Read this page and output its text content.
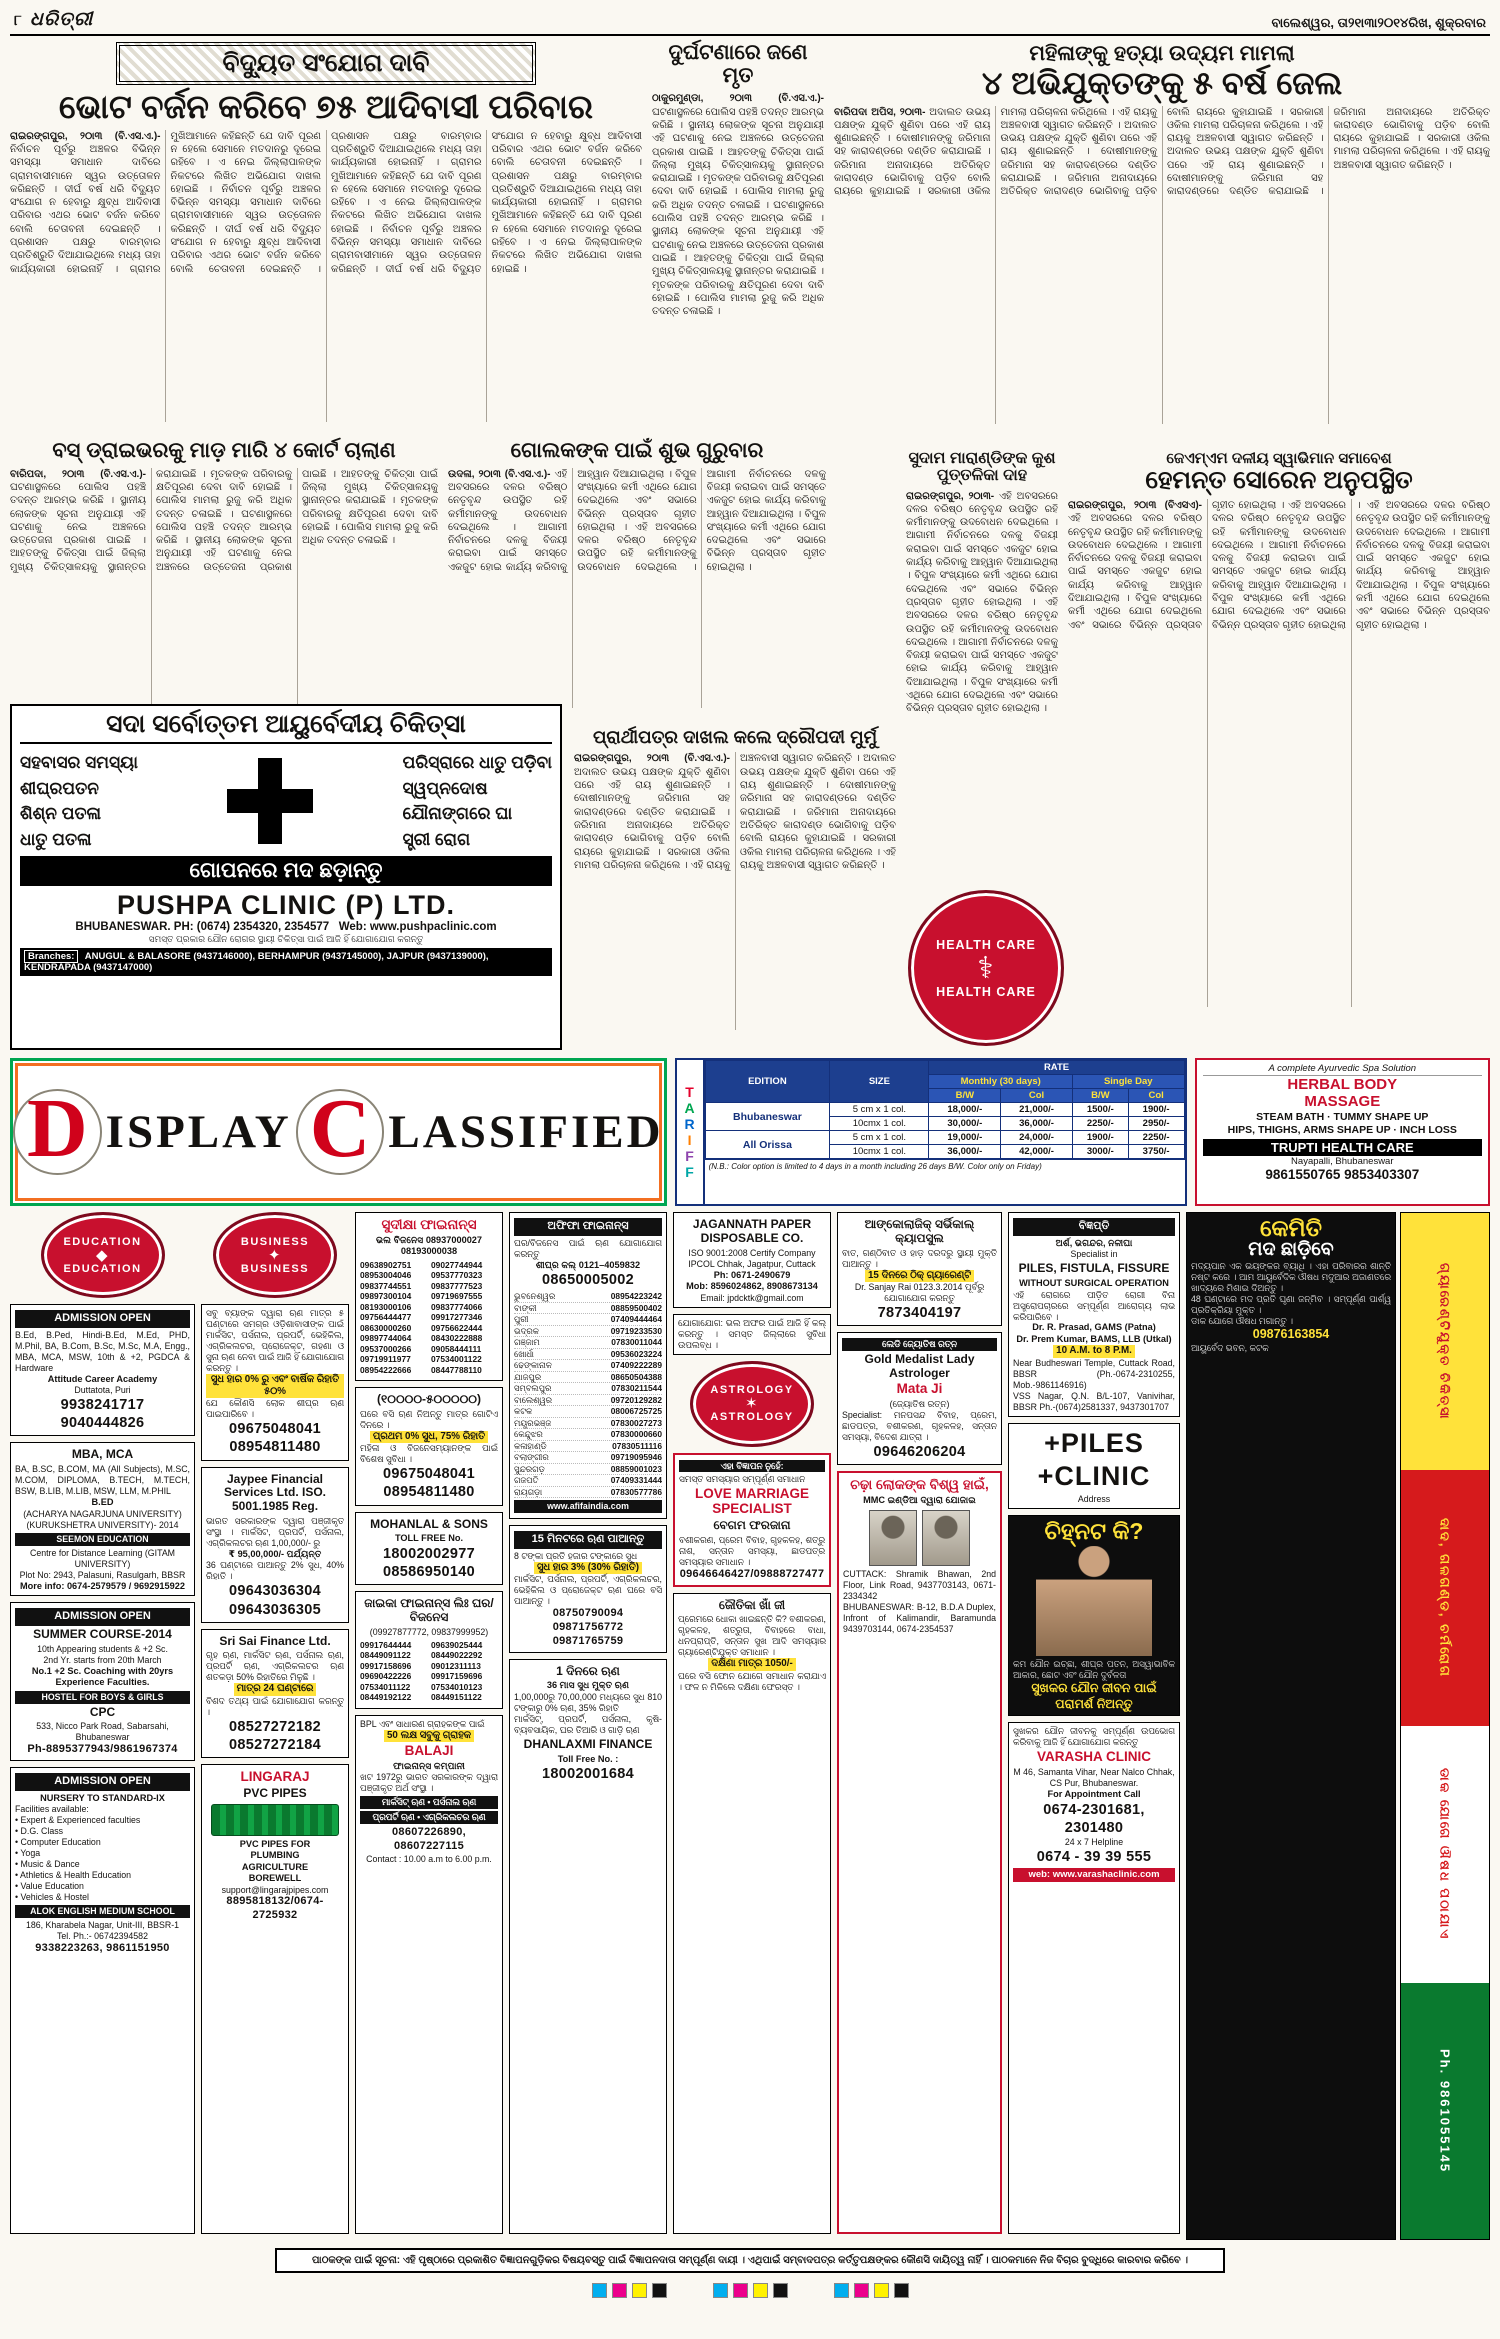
୮ ଧରିତ୍ରୀ	ବାଲେଶ୍ୱର, ତା୨୧ା୩ା୨୦୧୪ରିଖ, ଶୁକ୍ରବାର
ବିଦ୍ୟୁତ ସଂଯୋଗ ଦାବି
ଭୋଟ ବର୍ଜନ କରିବେ ୭୫ ଆଦିବାସୀ ପରିବାର
ରାଇରଙ୍ଗପୁର, ୨୦ା୩ (ବି.ଏସ.ଏ.)- ନିର୍ବାଚନ ପୂର୍ବରୁ ଅଞ୍ଚଳର ବିଭିନ୍ନ ସମସ୍ୟା ସମାଧାନ ଦାବିରେ ଗ୍ରାମବାସୀମାନେ ସ୍ୱର ଉତ୍ତୋଳନ କରିଛନ୍ତି । ଦୀର୍ଘ ବର୍ଷ ଧରି ବିଦ୍ୟୁତ ସଂଯୋଗ ନ ହେବାରୁ କ୍ଷୁବ୍ଧ ଆଦିବାସୀ ପରିବାର ଏଥର ଭୋଟ ବର୍ଜନ କରିବେ ବୋଲି ଚେତାବନୀ ଦେଇଛନ୍ତି । ପ୍ରଶାସନ ପକ୍ଷରୁ ବାରମ୍ବାର ପ୍ରତିଶ୍ରୁତି ଦିଆଯାଇଥିଲେ ମଧ୍ୟ ତାହା କାର୍ଯ୍ୟକାରୀ ହୋଇନାହିଁ । ଗ୍ରାମର ମୁଖିଆମାନେ କହିଛନ୍ତି ଯେ ଦାବି ପୂରଣ ନ ହେଲେ ସେମାନେ ମତଦାନରୁ ଦୂରେଇ ରହିବେ । ଏ ନେଇ ଜିଲ୍ଲାପାଳଙ୍କ ନିକଟରେ ଲିଖିତ ଅଭିଯୋଗ ଦାଖଲ ହୋଇଛି । ନିର୍ବାଚନ ପୂର୍ବରୁ ଅଞ୍ଚଳର ବିଭିନ୍ନ ସମସ୍ୟା ସମାଧାନ ଦାବିରେ ଗ୍ରାମବାସୀମାନେ ସ୍ୱର ଉତ୍ତୋଳନ କରିଛନ୍ତି । ଦୀର୍ଘ ବର୍ଷ ଧରି ବିଦ୍ୟୁତ ସଂଯୋଗ ନ ହେବାରୁ କ୍ଷୁବ୍ଧ ଆଦିବାସୀ ପରିବାର ଏଥର ଭୋଟ ବର୍ଜନ କରିବେ ବୋଲି ଚେତାବନୀ ଦେଇଛନ୍ତି । ପ୍ରଶାସନ ପକ୍ଷରୁ ବାରମ୍ବାର ପ୍ରତିଶ୍ରୁତି ଦିଆଯାଇଥିଲେ ମଧ୍ୟ ତାହା କାର୍ଯ୍ୟକାରୀ ହୋଇନାହିଁ । ଗ୍ରାମର ମୁଖିଆମାନେ କହିଛନ୍ତି ଯେ ଦାବି ପୂରଣ ନ ହେଲେ ସେମାନେ ମତଦାନରୁ ଦୂରେଇ ରହିବେ । ଏ ନେଇ ଜିଲ୍ଲାପାଳଙ୍କ ନିକଟରେ ଲିଖିତ ଅଭିଯୋଗ ଦାଖଲ ହୋଇଛି । ନିର୍ବାଚନ ପୂର୍ବରୁ ଅଞ୍ଚଳର ବିଭିନ୍ନ ସମସ୍ୟା ସମାଧାନ ଦାବିରେ ଗ୍ରାମବାସୀମାନେ ସ୍ୱର ଉତ୍ତୋଳନ କରିଛନ୍ତି । ଦୀର୍ଘ ବର୍ଷ ଧରି ବିଦ୍ୟୁତ ସଂଯୋଗ ନ ହେବାରୁ କ୍ଷୁବ୍ଧ ଆଦିବାସୀ ପରିବାର ଏଥର ଭୋଟ ବର୍ଜନ କରିବେ ବୋଲି ଚେତାବନୀ ଦେଇଛନ୍ତି । ପ୍ରଶାସନ ପକ୍ଷରୁ ବାରମ୍ବାର ପ୍ରତିଶ୍ରୁତି ଦିଆଯାଇଥିଲେ ମଧ୍ୟ ତାହା କାର୍ଯ୍ୟକାରୀ ହୋଇନାହିଁ । ଗ୍ରାମର ମୁଖିଆମାନେ କହିଛନ୍ତି ଯେ ଦାବି ପୂରଣ ନ ହେଲେ ସେମାନେ ମତଦାନରୁ ଦୂରେଇ ରହିବେ । ଏ ନେଇ ଜିଲ୍ଲାପାଳଙ୍କ ନିକଟରେ ଲିଖିତ ଅଭିଯୋଗ ଦାଖଲ ହୋଇଛି ।
ଦୁର୍ଘଟଣାରେ ଜଣେ ମୃତ
ଠାକୁରମୁଣ୍ଡା, ୨୦ା୩ (ବି.ଏସ.ଏ.)- ଘଟଣାସ୍ଥଳରେ ପୋଲିସ ପହଞ୍ଚି ତଦନ୍ତ ଆରମ୍ଭ କରିଛି । ସ୍ଥାନୀୟ ଲୋକଙ୍କ ସୂଚନା ଅନୁଯାୟୀ ଏହି ଘଟଣାକୁ ନେଇ ଅଞ୍ଚଳରେ ଉତ୍ତେଜନା ପ୍ରକାଶ ପାଇଛି । ଆହତଙ୍କୁ ଚିକିତ୍ସା ପାଇଁ ଜିଲ୍ଲା ମୁଖ୍ୟ ଚିକିତ୍ସାଳୟକୁ ସ୍ଥାନାନ୍ତର କରାଯାଇଛି । ମୃତକଙ୍କ ପରିବାରକୁ କ୍ଷତିପୂରଣ ଦେବା ଦାବି ହୋଇଛି । ପୋଲିସ ମାମଲା ରୁଜୁ କରି ଅଧିକ ତଦନ୍ତ ଚଳାଇଛି । ଘଟଣାସ୍ଥଳରେ ପୋଲିସ ପହଞ୍ଚି ତଦନ୍ତ ଆରମ୍ଭ କରିଛି । ସ୍ଥାନୀୟ ଲୋକଙ୍କ ସୂଚନା ଅନୁଯାୟୀ ଏହି ଘଟଣାକୁ ନେଇ ଅଞ୍ଚଳରେ ଉତ୍ତେଜନା ପ୍ରକାଶ ପାଇଛି । ଆହତଙ୍କୁ ଚିକିତ୍ସା ପାଇଁ ଜିଲ୍ଲା ମୁଖ୍ୟ ଚିକିତ୍ସାଳୟକୁ ସ୍ଥାନାନ୍ତର କରାଯାଇଛି । ମୃତକଙ୍କ ପରିବାରକୁ କ୍ଷତିପୂରଣ ଦେବା ଦାବି ହୋଇଛି । ପୋଲିସ ମାମଲା ରୁଜୁ କରି ଅଧିକ ତଦନ୍ତ ଚଳାଇଛି ।
ମହିଳାଙ୍କୁ ହତ୍ୟା ଉଦ୍ୟମ ମାମଲା
୪ ଅଭିଯୁକ୍ତଙ୍କୁ ୫ ବର୍ଷ ଜେଲ
ବାରିପଦା ଅପିସ, ୨୦ା୩- ଅଦାଲତ ଉଭୟ ପକ୍ଷଙ୍କ ଯୁକ୍ତି ଶୁଣିବା ପରେ ଏହି ରାୟ ଶୁଣାଇଛନ୍ତି । ଦୋଷୀମାନଙ୍କୁ ଜରିମାନା ସହ କାରାଦଣ୍ଡରେ ଦଣ୍ଡିତ କରାଯାଇଛି । ଜରିମାନା ଅନାଦାୟରେ ଅତିରିକ୍ତ କାରାଦଣ୍ଡ ଭୋଗିବାକୁ ପଡ଼ିବ ବୋଲି ରାୟରେ କୁହାଯାଇଛି । ସରକାରୀ ଓକିଲ ମାମଲା ପରିଚାଳନା କରିଥିଲେ । ଏହି ରାୟକୁ ଅଞ୍ଚଳବାସୀ ସ୍ୱାଗତ କରିଛନ୍ତି । ଅଦାଲତ ଉଭୟ ପକ୍ଷଙ୍କ ଯୁକ୍ତି ଶୁଣିବା ପରେ ଏହି ରାୟ ଶୁଣାଇଛନ୍ତି । ଦୋଷୀମାନଙ୍କୁ ଜରିମାନା ସହ କାରାଦଣ୍ଡରେ ଦଣ୍ଡିତ କରାଯାଇଛି । ଜରିମାନା ଅନାଦାୟରେ ଅତିରିକ୍ତ କାରାଦଣ୍ଡ ଭୋଗିବାକୁ ପଡ଼ିବ ବୋଲି ରାୟରେ କୁହାଯାଇଛି । ସରକାରୀ ଓକିଲ ମାମଲା ପରିଚାଳନା କରିଥିଲେ । ଏହି ରାୟକୁ ଅଞ୍ଚଳବାସୀ ସ୍ୱାଗତ କରିଛନ୍ତି । ଅଦାଲତ ଉଭୟ ପକ୍ଷଙ୍କ ଯୁକ୍ତି ଶୁଣିବା ପରେ ଏହି ରାୟ ଶୁଣାଇଛନ୍ତି । ଦୋଷୀମାନଙ୍କୁ ଜରିମାନା ସହ କାରାଦଣ୍ଡରେ ଦଣ୍ଡିତ କରାଯାଇଛି । ଜରିମାନା ଅନାଦାୟରେ ଅତିରିକ୍ତ କାରାଦଣ୍ଡ ଭୋଗିବାକୁ ପଡ଼ିବ ବୋଲି ରାୟରେ କୁହାଯାଇଛି । ସରକାରୀ ଓକିଲ ମାମଲା ପରିଚାଳନା କରିଥିଲେ । ଏହି ରାୟକୁ ଅଞ୍ଚଳବାସୀ ସ୍ୱାଗତ କରିଛନ୍ତି ।
ବସ୍ ଡ୍ରାଇଭରକୁ ମାଡ଼ ମାରି ୪ କୋର୍ଟ ଚାଲାଣ
ବାରିପଦା, ୨୦ା୩ (ବି.ଏସ.ଏ.)- ଘଟଣାସ୍ଥଳରେ ପୋଲିସ ପହଞ୍ଚି ତଦନ୍ତ ଆରମ୍ଭ କରିଛି । ସ୍ଥାନୀୟ ଲୋକଙ୍କ ସୂଚନା ଅନୁଯାୟୀ ଏହି ଘଟଣାକୁ ନେଇ ଅଞ୍ଚଳରେ ଉତ୍ତେଜନା ପ୍ରକାଶ ପାଇଛି । ଆହତଙ୍କୁ ଚିକିତ୍ସା ପାଇଁ ଜିଲ୍ଲା ମୁଖ୍ୟ ଚିକିତ୍ସାଳୟକୁ ସ୍ଥାନାନ୍ତର କରାଯାଇଛି । ମୃତକଙ୍କ ପରିବାରକୁ କ୍ଷତିପୂରଣ ଦେବା ଦାବି ହୋଇଛି । ପୋଲିସ ମାମଲା ରୁଜୁ କରି ଅଧିକ ତଦନ୍ତ ଚଳାଇଛି । ଘଟଣାସ୍ଥଳରେ ପୋଲିସ ପହଞ୍ଚି ତଦନ୍ତ ଆରମ୍ଭ କରିଛି । ସ୍ଥାନୀୟ ଲୋକଙ୍କ ସୂଚନା ଅନୁଯାୟୀ ଏହି ଘଟଣାକୁ ନେଇ ଅଞ୍ଚଳରେ ଉତ୍ତେଜନା ପ୍ରକାଶ ପାଇଛି । ଆହତଙ୍କୁ ଚିକିତ୍ସା ପାଇଁ ଜିଲ୍ଲା ମୁଖ୍ୟ ଚିକିତ୍ସାଳୟକୁ ସ୍ଥାନାନ୍ତର କରାଯାଇଛି । ମୃତକଙ୍କ ପରିବାରକୁ କ୍ଷତିପୂରଣ ଦେବା ଦାବି ହୋଇଛି । ପୋଲିସ ମାମଲା ରୁଜୁ କରି ଅଧିକ ତଦନ୍ତ ଚଳାଇଛି ।
ଗୋଲକଙ୍କ ପାଇଁ ଶୁଭ ଗୁରୁବାର
ଉଦଳା, ୨୦ା୩ (ବି.ଏସ.ଏ.)- ଏହି ଅବସରରେ ଦଳର ବରିଷ୍ଠ ନେତୃବୃନ୍ଦ ଉପସ୍ଥିତ ରହି କର୍ମୀମାନଙ୍କୁ ଉଦବୋଧନ ଦେଇଥିଲେ । ଆଗାମୀ ନିର୍ବାଚନରେ ଦଳକୁ ବିଜୟୀ କରାଇବା ପାଇଁ ସମସ୍ତେ ଏକଜୁଟ ହୋଇ କାର୍ଯ୍ୟ କରିବାକୁ ଆହ୍ୱାନ ଦିଆଯାଇଥିଲା । ବିପୁଳ ସଂଖ୍ୟାରେ କର୍ମୀ ଏଥିରେ ଯୋଗ ଦେଇଥିଲେ ଏବଂ ସଭାରେ ବିଭିନ୍ନ ପ୍ରସ୍ତାବ ଗୃହୀତ ହୋଇଥିଲା । ଏହି ଅବସରରେ ଦଳର ବରିଷ୍ଠ ନେତୃବୃନ୍ଦ ଉପସ୍ଥିତ ରହି କର୍ମୀମାନଙ୍କୁ ଉଦବୋଧନ ଦେଇଥିଲେ । ଆଗାମୀ ନିର୍ବାଚନରେ ଦଳକୁ ବିଜୟୀ କରାଇବା ପାଇଁ ସମସ୍ତେ ଏକଜୁଟ ହୋଇ କାର୍ଯ୍ୟ କରିବାକୁ ଆହ୍ୱାନ ଦିଆଯାଇଥିଲା । ବିପୁଳ ସଂଖ୍ୟାରେ କର୍ମୀ ଏଥିରେ ଯୋଗ ଦେଇଥିଲେ ଏବଂ ସଭାରେ ବିଭିନ୍ନ ପ୍ରସ୍ତାବ ଗୃହୀତ ହୋଇଥିଲା ।
ସୁଦାମ ମାରାଣ୍ଡିଙ୍କ କୁଶ ପୁତ୍ତଳିକା ଦାହ
ରାଇରଙ୍ଗପୁର, ୨୦ା୩- ଏହି ଅବସରରେ ଦଳର ବରିଷ୍ଠ ନେତୃବୃନ୍ଦ ଉପସ୍ଥିତ ରହି କର୍ମୀମାନଙ୍କୁ ଉଦବୋଧନ ଦେଇଥିଲେ । ଆଗାମୀ ନିର୍ବାଚନରେ ଦଳକୁ ବିଜୟୀ କରାଇବା ପାଇଁ ସମସ୍ତେ ଏକଜୁଟ ହୋଇ କାର୍ଯ୍ୟ କରିବାକୁ ଆହ୍ୱାନ ଦିଆଯାଇଥିଲା । ବିପୁଳ ସଂଖ୍ୟାରେ କର୍ମୀ ଏଥିରେ ଯୋଗ ଦେଇଥିଲେ ଏବଂ ସଭାରେ ବିଭିନ୍ନ ପ୍ରସ୍ତାବ ଗୃହୀତ ହୋଇଥିଲା । ଏହି ଅବସରରେ ଦଳର ବରିଷ୍ଠ ନେତୃବୃନ୍ଦ ଉପସ୍ଥିତ ରହି କର୍ମୀମାନଙ୍କୁ ଉଦବୋଧନ ଦେଇଥିଲେ । ଆଗାମୀ ନିର୍ବାଚନରେ ଦଳକୁ ବିଜୟୀ କରାଇବା ପାଇଁ ସମସ୍ତେ ଏକଜୁଟ ହୋଇ କାର୍ଯ୍ୟ କରିବାକୁ ଆହ୍ୱାନ ଦିଆଯାଇଥିଲା । ବିପୁଳ ସଂଖ୍ୟାରେ କର୍ମୀ ଏଥିରେ ଯୋଗ ଦେଇଥିଲେ ଏବଂ ସଭାରେ ବିଭିନ୍ନ ପ୍ରସ୍ତାବ ଗୃହୀତ ହୋଇଥିଲା ।
ଜେଏମ୍ଏମ ଦଳୀୟ ସ୍ୱାଭିମାନ ସମାବେଶ
ହେମନ୍ତ ସୋରେନ ଅନୁପସ୍ଥିତ
ରାଇରଙ୍ଗପୁର, ୨୦ା୩ (ବିଏସଏ)- ଏହି ଅବସରରେ ଦଳର ବରିଷ୍ଠ ନେତୃବୃନ୍ଦ ଉପସ୍ଥିତ ରହି କର୍ମୀମାନଙ୍କୁ ଉଦବୋଧନ ଦେଇଥିଲେ । ଆଗାମୀ ନିର୍ବାଚନରେ ଦଳକୁ ବିଜୟୀ କରାଇବା ପାଇଁ ସମସ୍ତେ ଏକଜୁଟ ହୋଇ କାର୍ଯ୍ୟ କରିବାକୁ ଆହ୍ୱାନ ଦିଆଯାଇଥିଲା । ବିପୁଳ ସଂଖ୍ୟାରେ କର୍ମୀ ଏଥିରେ ଯୋଗ ଦେଇଥିଲେ ଏବଂ ସଭାରେ ବିଭିନ୍ନ ପ୍ରସ୍ତାବ ଗୃହୀତ ହୋଇଥିଲା । ଏହି ଅବସରରେ ଦଳର ବରିଷ୍ଠ ନେତୃବୃନ୍ଦ ଉପସ୍ଥିତ ରହି କର୍ମୀମାନଙ୍କୁ ଉଦବୋଧନ ଦେଇଥିଲେ । ଆଗାମୀ ନିର୍ବାଚନରେ ଦଳକୁ ବିଜୟୀ କରାଇବା ପାଇଁ ସମସ୍ତେ ଏକଜୁଟ ହୋଇ କାର୍ଯ୍ୟ କରିବାକୁ ଆହ୍ୱାନ ଦିଆଯାଇଥିଲା । ବିପୁଳ ସଂଖ୍ୟାରେ କର୍ମୀ ଏଥିରେ ଯୋଗ ଦେଇଥିଲେ ଏବଂ ସଭାରେ ବିଭିନ୍ନ ପ୍ରସ୍ତାବ ଗୃହୀତ ହୋଇଥିଲା । ଏହି ଅବସରରେ ଦଳର ବରିଷ୍ଠ ନେତୃବୃନ୍ଦ ଉପସ୍ଥିତ ରହି କର୍ମୀମାନଙ୍କୁ ଉଦବୋଧନ ଦେଇଥିଲେ । ଆଗାମୀ ନିର୍ବାଚନରେ ଦଳକୁ ବିଜୟୀ କରାଇବା ପାଇଁ ସମସ୍ତେ ଏକଜୁଟ ହୋଇ କାର୍ଯ୍ୟ କରିବାକୁ ଆହ୍ୱାନ ଦିଆଯାଇଥିଲା । ବିପୁଳ ସଂଖ୍ୟାରେ କର୍ମୀ ଏଥିରେ ଯୋଗ ଦେଇଥିଲେ ଏବଂ ସଭାରେ ବିଭିନ୍ନ ପ୍ରସ୍ତାବ ଗୃହୀତ ହୋଇଥିଲା ।
ପ୍ରାର୍ଥୀପତ୍ର ଦାଖଲ କଲେ ଦ୍ରୌପଦୀ ମୁର୍ମୁ
ରାଇରଙ୍ଗପୁର, ୨୦ା୩ (ବି.ଏସ.ଏ.)- ଅଦାଲତ ଉଭୟ ପକ୍ଷଙ୍କ ଯୁକ୍ତି ଶୁଣିବା ପରେ ଏହି ରାୟ ଶୁଣାଇଛନ୍ତି । ଦୋଷୀମାନଙ୍କୁ ଜରିମାନା ସହ କାରାଦଣ୍ଡରେ ଦଣ୍ଡିତ କରାଯାଇଛି । ଜରିମାନା ଅନାଦାୟରେ ଅତିରିକ୍ତ କାରାଦଣ୍ଡ ଭୋଗିବାକୁ ପଡ଼ିବ ବୋଲି ରାୟରେ କୁହାଯାଇଛି । ସରକାରୀ ଓକିଲ ମାମଲା ପରିଚାଳନା କରିଥିଲେ । ଏହି ରାୟକୁ ଅଞ୍ଚଳବାସୀ ସ୍ୱାଗତ କରିଛନ୍ତି । ଅଦାଲତ ଉଭୟ ପକ୍ଷଙ୍କ ଯୁକ୍ତି ଶୁଣିବା ପରେ ଏହି ରାୟ ଶୁଣାଇଛନ୍ତି । ଦୋଷୀମାନଙ୍କୁ ଜରିମାନା ସହ କାରାଦଣ୍ଡରେ ଦଣ୍ଡିତ କରାଯାଇଛି । ଜରିମାନା ଅନାଦାୟରେ ଅତିରିକ୍ତ କାରାଦଣ୍ଡ ଭୋଗିବାକୁ ପଡ଼ିବ ବୋଲି ରାୟରେ କୁହାଯାଇଛି । ସରକାରୀ ଓକିଲ ମାମଲା ପରିଚାଳନା କରିଥିଲେ । ଏହି ରାୟକୁ ଅଞ୍ଚଳବାସୀ ସ୍ୱାଗତ କରିଛନ୍ତି ।
ସଦା ସର୍ବୋତ୍ତମ ଆୟୁର୍ବେଦୀୟ ଚିକିତ୍ସା
ସହବାସର ସମସ୍ୟା
ଶୀଘ୍ରପତନ
ଶିଶ୍ନ ପତଳା
ଧାତୁ ପତଳା
ପରିସ୍ରାରେ ଧାତୁ ପଡ଼ିବା
ସ୍ୱପ୍ନଦୋଷ
ଯୌନାଙ୍ଗରେ ଘା
ସ୍ତ୍ରୀ ରୋଗ
ଗୋପନରେ ମଦ ଛଡ଼ାନ୍ତୁ
PUSHPA CLINIC (P) LTD.
BHUBANESWAR. PH: (0674) 2354320, 2354577 Web: www.pushpaclinic.com
ସମସ୍ତ ପ୍ରକାର ଯୌନ ରୋଗର ସ୍ଥାୟୀ ଚିକିତ୍ସା ପାଇଁ ଆଜି ହିଁ ଯୋଗାଯୋଗ କରନ୍ତୁ
Branches: ANUGUL & BALASORE (9437146000), BERHAMPUR (9437145000), JAJPUR (9437139000), KENDRAPADA (9437147000)
HEALTH CARE
⚕
HEALTH CARE
D ISPLAY C LASSIFIED
T
A
R
I
F
F
EDITION	SIZE	RATE			
		Monthly (30 days)		Single Day	
		B/W	Col	B/W	Col
Bhubaneswar	5 cm x 1 col.	18,000/-	21,000/-	1500/-	1900/-
	10cmx 1 col.	30,000/-	36,000/-	2250/-	2950/-
All Orissa	5 cm x 1 col.	19,000/-	24,000/-	1900/-	2250/-
	10cmx 1 col.	36,000/-	42,000/-	3000/-	3750/-
(N.B.: Color option is limited to 4 days in a month including 26 days B/W. Color only on Friday)
A complete Ayurvedic Spa Solution
HERBAL BODY
MASSAGE
STEAM BATH · TUMMY SHAPE UP
HIPS, THIGHS, ARMS SHAPE UP · INCH LOSS
TRUPTI HEALTH CARE
Nayapalli, Bhubaneswar
9861550765 9853403307
EDUCATION
◆
EDUCATION
ADMISSION OPEN
B.Ed, B.Ped, Hindi-B.Ed, M.Ed, PHD, M.Phil, BA, B.Com, B.Sc, M.Sc, M.A, Engg., MBA, MCA, MSW, 10th & +2, PGDCA & Hardware
Attitude Career Academy
Duttatota, Puri
9938241717
9040444826
MBA, MCA
BA, B.SC, B.COM, MA (All Subjects), M.SC, M.COM, DIPLOMA, B.TECH, M.TECH, BSW, B.LIB, M.LIB, MSW, LLM, M.PHIL
B.ED
(ACHARYA NAGARJUNA UNIVERSITY) (KURUKSHETRA UNIVERSITY)- 2014
SEEMON EDUCATION
Centre for Distance Learning (GITAM UNIVERSITY)
Plot No: 2943, Palasuni, Rasulgarh, BBSR
More info: 0674-2579579 / 9692915922
ADMISSION OPEN
SUMMER COURSE-2014
10th Appearing students & +2 Sc.
2nd Yr. starts from 20th March
No.1 +2 Sc. Coaching with 20yrs Experience Faculties.
HOSTEL FOR BOYS & GIRLS
CPC
533, Nicco Park Road, Sabarsahi, Bhubaneswar
Ph-8895377943/9861967374
ADMISSION OPEN
NURSERY TO STANDARD-IX
Facilities available:
• Expert & Experienced faculties
• D.G. Class
• Computer Education
• Yoga
• Music & Dance
• Athletics & Health Education
• Value Education
• Vehicles & Hostel
ALOK ENGLISH MEDIUM SCHOOL
186, Kharabela Nagar, Unit-III, BBSR-1
Tel. Ph.:- 06742394582
9338223263, 9861151950
BUSINESS
✦
BUSINESS
ସବୁ ବ୍ୟାଙ୍କ ଦ୍ୱାରା ଋଣ ମାତ୍ର ୫ ଘଣ୍ଟାରେ ସମଗ୍ର ଓଡ଼ିଶାବାସୀଙ୍କ ପାଇଁ ମାର୍କସିଟ, ପର୍ସନାଲ, ପ୍ରପର୍ଟି, ଭେହିକିଲ, ଏଗ୍ରିକଲଚର, ପ୍ରୋଜେକ୍ଟ, ଗହଣା ଓ ସୁନା ଋଣ ନେବା ପାଇଁ ଆଜି ହିଁ ଯୋଗାଯୋଗ କରନ୍ତୁ ।
ସୁଧ ହାର 0% ରୁ ଏବଂ ବାର୍ଷିକ ରିହାତି ୫୦%
ଯେ କୌଣସି ଲୋକ ଶୀଘ୍ର ଋଣ ପାଇପାରିବେ ।
09675048041
08954811480
Jaypee Financial Services Ltd. ISO. 5001.1985 Reg.
ଭାରତ ସରକାରଙ୍କ ଦ୍ୱାରା ପଞ୍ଜୀକୃତ ସଂସ୍ଥା । ମାର୍କସିଟ, ପ୍ରପର୍ଟି, ପର୍ସନାଲ, ଏଗ୍ରିକଲଚର ଋଣ 1,00,000/- ରୁ
₹ 95,00,000/- ପର୍ଯ୍ୟନ୍ତ
36 ଘଣ୍ଟାରେ ପାଆନ୍ତୁ 2% ସୁଧ, 40% ରିହାତି ।
09643036304
09643036305
Sri Sai Finance Ltd.
ଗୃହ ଋଣ, ମାର୍କସିଟ ଋଣ, ପର୍ସନାଲ ଋଣ, ପ୍ରପର୍ଟି ଋଣ, ଏଗ୍ରିକଲଚର ଋଣ ଶତକଡ଼ା 50% ରିହାତିରେ ମିଳୁଛି ।
ମାତ୍ର 24 ଘଣ୍ଟାରେ
ବିଶଦ ତଥ୍ୟ ପାଇଁ ଯୋଗାଯୋଗ କରନ୍ତୁ ।
08527272182
08527272184
LINGARAJ
PVC PIPES
PVC PIPES FOR
PLUMBING
AGRICULTURE
BOREWELL
support@lingarajpipes.com
8895818132/0674-2725932
ସୁଦୀକ୍ଷା ଫାଇନାନ୍ସ
ଭଲ ବିଜନେସ 08937000027
08193000038
09638902751
08953004046
09837744551
09897300104
08193000106
09756444477
08630000260
09897744064
09537000266
09719911977
08954222666
09027744944
09537770323
09837777523
09719697555
09837774066
09917277346
09756622444
08430222888
09058444111
07534001122
08447788110
(୧୦୦୦୦-୫୦୦୦୦୦)
ଘରେ ବସି ଋଣ ନିଅନ୍ତୁ ମାତ୍ର ଗୋଟିଏ ଦିନରେ ।
ପ୍ରଥମ 0% ସୁଧ, 75% ରିହାତି
ମହିଳା ଓ ବିଜନେସମ୍ୟାନଙ୍କ ପାଇଁ ବିଶେଷ ସୁବିଧା ।
09675048041
08954811480
MOHANLAL & SONS
TOLL FREE No.
18002002977
08586950140
ଜାଇକା ଫାଇନାନ୍ସ ଲିଃ ଘର/ବିଜନେସ
(09927877772, 09837999952)
09917644444
08449091122
09917158696
09690422226
07534011122
08449192122
09639025444
08449022292
09012311113
09917159696
07534010123
08449151122
BPL ଏବଂ ସାଧାରଣ ଗ୍ରାହକଙ୍କ ପାଇଁ
50 ଲକ୍ଷ ସବୁକୁ ଗ୍ରାହକ
BALAJI
ଫାଇନାନ୍ସ କମ୍ପାନୀ
ଖଟ 1972ରୁ ଭାରତ ସରକାରଙ୍କ ଦ୍ୱାରା ପଞ୍ଜୀକୃତ ଅର୍ଥ ସଂସ୍ଥା ।
ମାର୍କସିଟ୍ ଋଣ • ପର୍ସନାଲ ଋଣ
ପ୍ରପର୍ଟି ଋଣ • ଏଗ୍ରିକଲଚର ଋଣ
08607226890, 08607227115
Contact : 10.00 a.m to 6.00 p.m.
ଅଫିଫା ଫାଇନାନ୍ସ
ଘର/ବିଜନେସ ପାଇଁ ଋଣ ଯୋଗାଯୋଗ କରନ୍ତୁ
ଶୀଘ୍ର କଲ୍ 0121–4059832
08650005002
ଭୁବନେଶ୍ୱର	08954223242
ବାଙ୍କୀ	08859500402
ପୁରୀ	07409444464
ଭଦ୍ରକ	09719233530
ଗଞ୍ଜାମ	07830011044
ଖୋର୍ଧା	09536023224
ଢେଙ୍କାନାଳ	07409222289
ଯାଜପୁର	08650504388
ସମ୍ବଲପୁର	07830211544
ବାଲେଶ୍ୱର	09720129282
କଟକ	08006725725
ମୟୂରଭଞ୍ଜ	07830027273
କେନ୍ଦୁଝର	07830000660
କଳାହାଣ୍ଡି	07830511116
ବଲାଙ୍ଗୀର	09719095946
ସୁନ୍ଦରଗଡ଼	08859001023
ଗଜପତି	07409331444
ରାୟଗଡ଼ା	07830577786
www.afifaindia.com
15 ମିନଟରେ ଋଣ ପାଆନ୍ତୁ
8 ଟଙ୍କା ପ୍ରତି ହଜାର ଟଙ୍କାରେ ସୁଧ
ସୁଧ ହାର 3% (30% ରିହାତି)
ମାର୍କସିଟ, ପର୍ସନାଲ, ପ୍ରପର୍ଟି, ଏଗ୍ରିକଲଚର, ଭେହିକିଲ ଓ ପ୍ରୋଜେକ୍ଟ ଋଣ ଘରେ ବସି ପାଆନ୍ତୁ ।
08750790094
09871756772
09871765759
1 ଦିନରେ ଋଣ
36 ମାସ ସୁଧ ମୁକ୍ତ ଋଣ
1,00,000ରୁ 70,00,000 ମଧ୍ୟରେ ସୁଧ 810 ଟଙ୍କାରୁ 0% ଋଣ, 35% ରିହାତି
ମାର୍କସିଟ୍, ପ୍ରପର୍ଟି, ପର୍ସନାଲ, କୃଷି-ବ୍ୟବସାୟିକ, ଘର ତିଆରି ଓ ଗାଡ଼ି ଋଣ
DHANLAXMI FINANCE
Toll Free No. :
18002001684
JAGANNATH PAPER DISPOSABLE CO.
ISO 9001:2008 Certify Company
IPCOL Chhak, Jagatpur, Cuttack
Ph: 0671-2490679
Mob: 8596024862, 8908673134
Email: jpdcktk@gmail.com
ଯୋଗାଯୋଗ: ଭଲ ଅଫର ପାଇଁ ଆଜି ହିଁ କଲ୍ କରନ୍ତୁ । ସମସ୍ତ ଜିଲ୍ଲାରେ ସୁବିଧା ଉପଲବ୍ଧ ।
ASTROLOGY
✶
ASTROLOGY
ଏହା ବିଜ୍ଞାପନ ନୁହେଁ:
ସମସ୍ତ ସମସ୍ୟାର ସମ୍ପୂର୍ଣ୍ଣ ସମାଧାନ
LOVE MARRIAGE SPECIALIST
ବେଗମ ଫରଜାନା
ବଶୀକରଣ, ପ୍ରେମ ବିବାହ, ଗୃହକଳହ, ଶତ୍ରୁ ନାଶ, ସନ୍ତାନ ସମସ୍ୟା, ଛାଡପତ୍ର ସମସ୍ୟାର ସମାଧାନ ।
09646646427/09888727477
ଜୌତିକା ଖାଁ ଜୀ
ପ୍ରେମରେ ଧୋକା ଖାଇଛନ୍ତି କି? ବଶୀକରଣ, ଗୃହକଳହ, ଶତ୍ରୁତା, ବିବାହରେ ବାଧା, ଧନପ୍ରାପ୍ତି, ସନ୍ତାନ ସୁଖ ଆଦି ସମସ୍ୟାର ଗ୍ୟାରେଣ୍ଟିଯୁକ୍ତ ସମାଧାନ ।
ଦକ୍ଷିଣା ମାତ୍ର 1050/-
ଘରେ ବସି ଫୋନ ଯୋଗେ ସମାଧାନ କରାଯାଏ । ଫଳ ନ ମିଳିଲେ ଦକ୍ଷିଣା ଫେରସ୍ତ ।
ଆଙ୍କୋଲାଜିକ୍ ସର୍ଭିକାଲ୍ କ୍ୟାପସୁଲ
ବାତ, ଗଣ୍ଠିବାତ ଓ ହାଡ଼ ଦରଦରୁ ସ୍ଥାୟୀ ମୁକ୍ତି ପାଆନ୍ତୁ ।
15 ଦିନରେ ଠିକ୍ ଗ୍ୟାରେଣ୍ଟି
Dr. Sanjay Rai 0123.3.2014 ପୂର୍ବରୁ ଯୋଗାଯୋଗ କରନ୍ତୁ
7873404197
ଲେଡି ଜ୍ୟୋତିଷ ରତ୍ନ
Gold Medalist Lady Astrologer
Mata Ji
(ଜ୍ୟୋତିଷ ରତ୍ନ)
Specialist: ମନପସନ୍ଦ ବିବାହ, ପ୍ରେମ, ଛାଡପତ୍ର, ବଶୀକରଣ, ଗୃହକଳହ, ସନ୍ତାନ ସମସ୍ୟା, ବିଦେଶ ଯାତ୍ରା ।
09646206204
ଚଢ଼ା ଲୋକଙ୍କ ବିଶ୍ୱ ହାଇଁ,
MMC ଇଣ୍ଡିଆ ଦ୍ୱାରା ଯୋଜାଇ
CUTTACK: Shramik Bhawan, 2nd Floor, Link Road, 9437703143, 0671-2334342
BHUBANESWAR: B-12, B.D.A Duplex, Infront of Kalimandir, Baramunda 9439703144, 0674-2354537
ବିଜ୍ଞପ୍ତି
ଅର୍ଶ, ଭଗନ୍ଦର, ନଳୀଘା
Specialist in
PILES, FISTULA, FISSURE
WITHOUT SURGICAL OPERATION
ଏହି ରୋଗରେ ପୀଡ଼ିତ ରୋଗୀ ବିନା ଅସ୍ତ୍ରୋପଚାରରେ ସମ୍ପୂର୍ଣ୍ଣ ଆରୋଗ୍ୟ ଲାଭ କରିପାରିବେ ।
Dr. R. Prasad, GAMS (Patna)
Dr. Prem Kumar, BAMS, LLB (Utkal)
10 A.M. to 8 P.M.
Near Budheswari Temple, Cuttack Road, BBSR (Ph.-0674-2310255, Mob.-9861146916)
VSS Nagar, Q.N. B/L-107, Vanivihar, BBSR Ph.-(0674)2581337, 9437301707
+PILES
+CLINIC
Address
ଚିହ୍ନଟ କି?
କମ ଯୌନ ଇଚ୍ଛା, ଶୀଘ୍ର ପତନ, ଅସ୍ୱାଭାବିକ ଆକାର, ଛୋଟ ଏବଂ ଯୌନ ଦୁର୍ବଳତା
ସୁଖକର ଯୌନ ଜୀବନ ପାଇଁ ପରାମର୍ଶ ନିଅନ୍ତୁ
ସୁଖକର ଯୌନ ଜୀବନକୁ ସମ୍ପୂର୍ଣ୍ଣ ଉପଭୋଗ କରିବାକୁ ଆଜି ହିଁ ଯୋଗାଯୋଗ କରନ୍ତୁ
VARASHA CLINIC
M 46, Samanta Vihar, Near Nalco Chhak, CS Pur, Bhubaneswar.
For Appointment Call
0674-2301681, 2301480
24 x 7 Helpline
0674 - 39 39 555
web: www.varashaclinic.com
କେମିତି
ମଦ ଛାଡ଼ିବେ
ମଦ୍ୟପାନ ଏକ ଭୟଙ୍କର ବ୍ୟାଧି । ଏହା ପରିବାରର ଶାନ୍ତି ନଷ୍ଟ କରେ । ଆମ ଆୟୁର୍ବେଦିକ ଔଷଧ ମଦୁଆର ଅଜାଣତରେ ଖାଦ୍ୟରେ ମିଶାଇ ଦିଅନ୍ତୁ ।
48 ଘଣ୍ଟାରେ ମଦ ପ୍ରତି ଘୃଣା ଜନ୍ମିବ । ସମ୍ପୂର୍ଣ୍ଣ ପାର୍ଶ୍ୱ ପ୍ରତିକ୍ରିୟା ମୁକ୍ତ ।
ଡାକ ଯୋଗେ ଔଷଧ ମଗାନ୍ତୁ ।
09876163854
ଆୟୁର୍ବେଦ ଭବନ, କଟକ	ଗ୍ୟାରେଣ୍ଟିଯୁକ୍ତ ଚିକିତ୍ସା
ଦାଦ, ଗଳଗଣ୍ଡ, ଚର୍ମରୋଗ
ଡାକ ଯୋଗେ ଔଷଧ ପଠାଯାଏ
Ph. 9861055145
ପାଠକଙ୍କ ପାଇଁ ସୂଚନା: ଏହି ପୃଷ୍ଠାରେ ପ୍ରକାଶିତ ବିଜ୍ଞାପନଗୁଡ଼ିକର ବିଷୟବସ୍ତୁ ପାଇଁ ବିଜ୍ଞାପନଦାତା ସମ୍ପୂର୍ଣ୍ଣ ଦାୟୀ । ଏଥିପାଇଁ ସମ୍ବାଦପତ୍ର କର୍ତ୍ତୃପକ୍ଷଙ୍କର କୌଣସି ଦାୟିତ୍ୱ ନାହିଁ । ପାଠକମାନେ ନିଜ ବିଚାର ବୁଦ୍ଧିରେ କାରବାର କରିବେ ।
